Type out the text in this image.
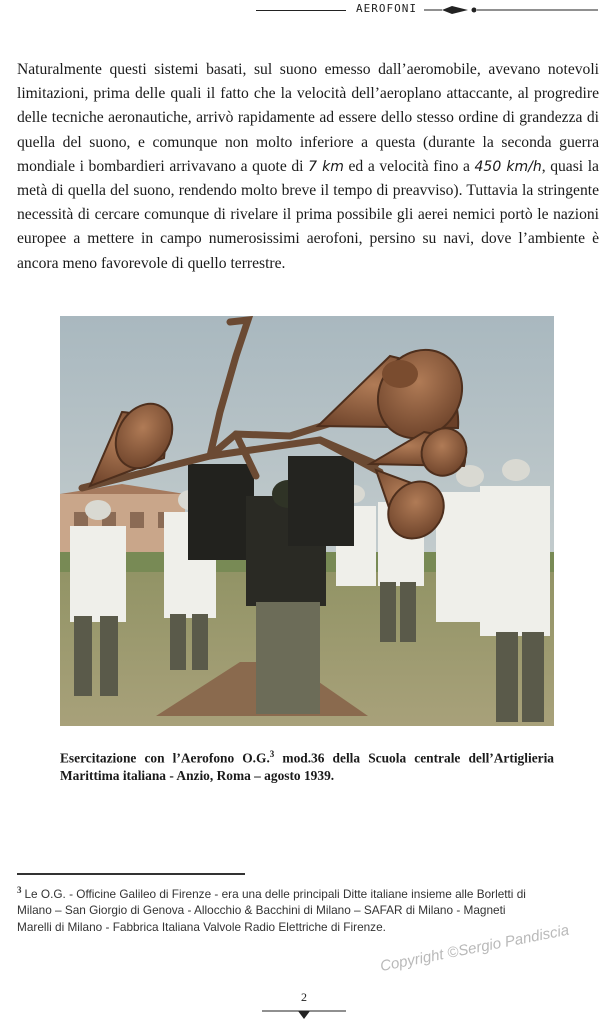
AEROFONI

Naturalmente questi sistemi basati, sul suono emesso dall’aeromobile, avevano notevoli limitazioni, prima delle quali il fatto che la velocità dell’aeroplano attaccante, al progredire delle tecniche aeronautiche, arrivò rapidamente ad essere dello stesso ordine di grandezza di quella del suono, e comunque non molto inferiore a questa (durante la seconda guerra mondiale i bombardieri arrivavano a quote di 7 km ed a velocità fino a 450 km/h, quasi la metà di quella del suono, rendendo molto breve il tempo di preavviso). Tuttavia la stringente necessità di cercare comunque di rivelare il prima possibile gli aerei nemici portò le nazioni europee a mettere in campo numerosissimi aerofoni, persino su navi, dove l’ambiente è ancora meno favorevole di quello terrestre.

Esercitazione con l’Aerofono O.G.$^3$ mod.36 della Scuola centrale dell’Artiglieria Marittima italiana - Anzio, Roma – agosto 1939.
$^3$ Le O.G. - Officine Galileo di Firenze - era una delle principali Ditte italiane insieme alle Borletti di Milano – San Giorgio di Genova - Allocchio & Bacchini di Milano – SAFAR di Milano - Magneti Marelli di Milano - Fabbrica Italiana Valvole Radio Elettriche di Firenze.
Copyright ©Sergio Pandiscia
2
